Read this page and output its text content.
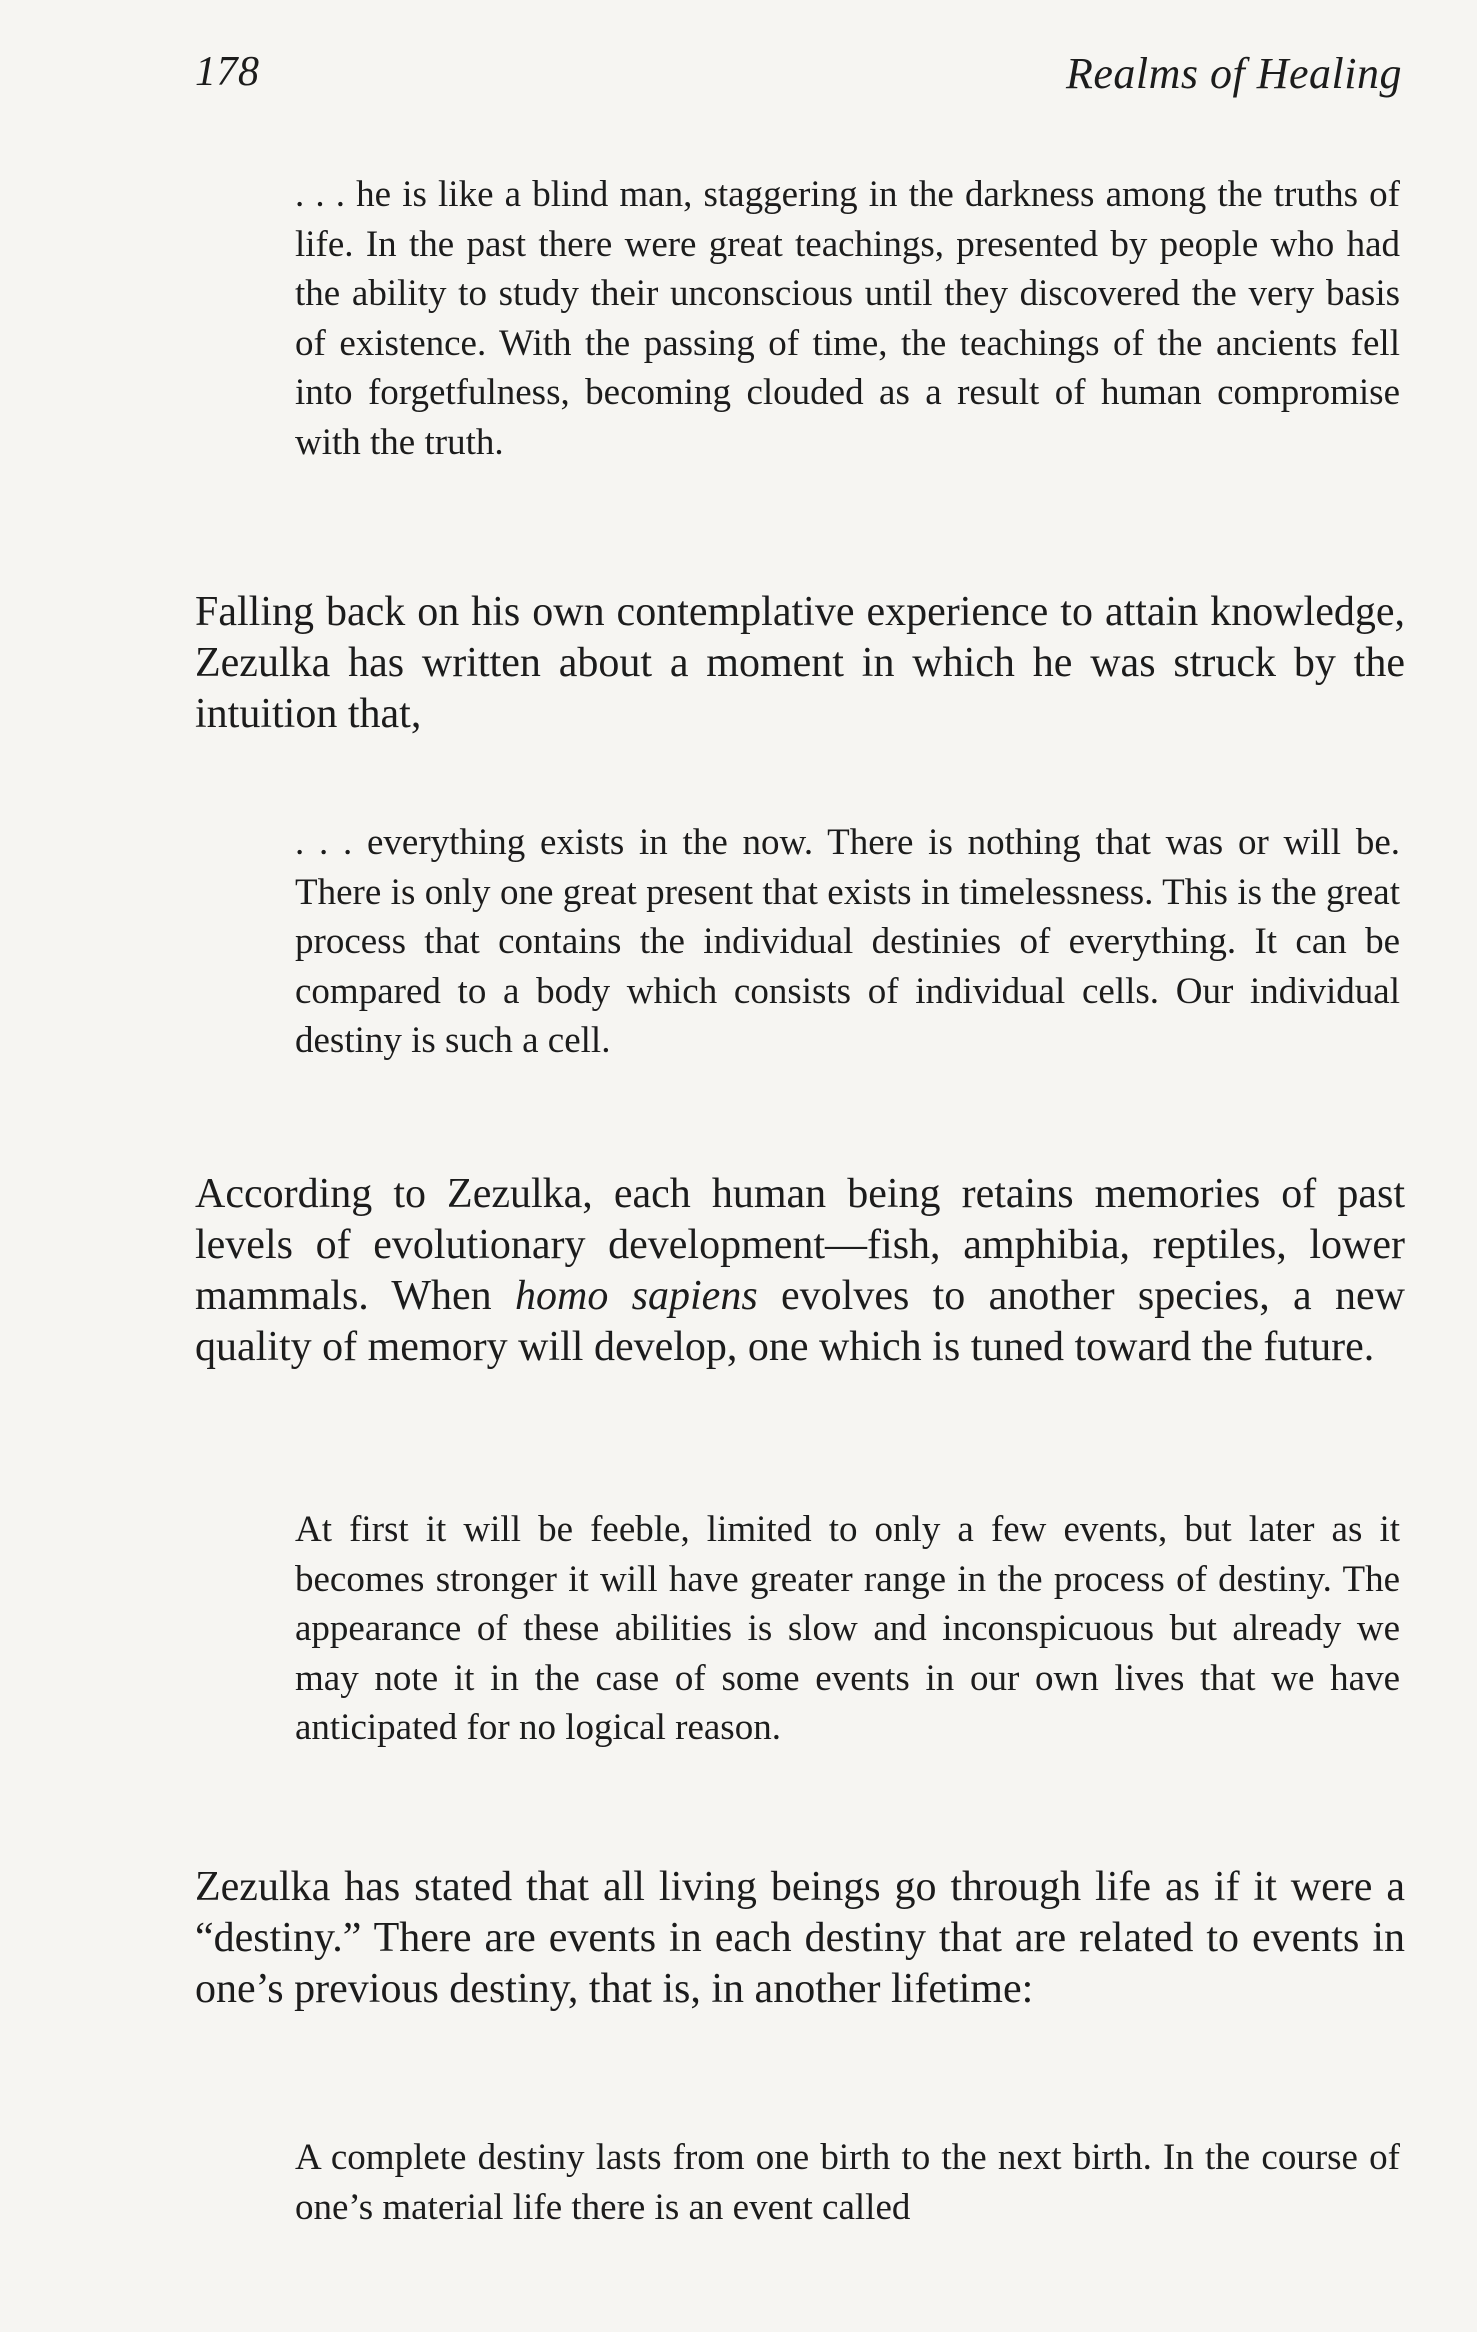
178	Realms of Healing

. . . he is like a blind man, staggering in the darkness among the truths of life. In the past there were great teachings, presented by people who had the ability to study their unconscious until they discovered the very basis of existence. With the passing of time, the teachings of the ancients fell into forgetfulness, becoming clouded as a result of human compromise with the truth.

Falling back on his own contemplative experience to attain knowledge, Zezulka has written about a moment in which he was struck by the intuition that,

. . . everything exists in the now. There is nothing that was or will be. There is only one great present that exists in timelessness. This is the great process that contains the individual destinies of everything. It can be compared to a body which consists of individual cells. Our individual destiny is such a cell.

According to Zezulka, each human being retains memories of past levels of evolutionary development—fish, amphibia, reptiles, lower mammals. When homo sapiens evolves to another species, a new quality of memory will develop, one which is tuned toward the future.

At first it will be feeble, limited to only a few events, but later as it becomes stronger it will have greater range in the process of destiny. The appearance of these abilities is slow and inconspicuous but already we may note it in the case of some events in our own lives that we have anticipated for no logical reason.

Zezulka has stated that all living beings go through life as if it were a “destiny.” There are events in each destiny that are related to events in one’s previous destiny, that is, in another lifetime:

A complete destiny lasts from one birth to the next birth. In the course of one’s material life there is an event called
